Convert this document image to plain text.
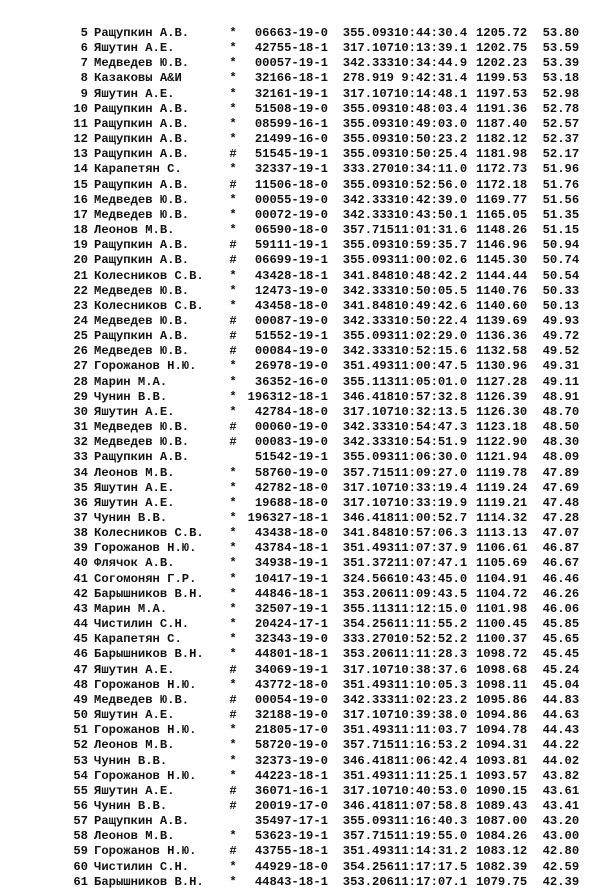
5	Ращупкин А.В.	*	06663-19-0	355.093	10:44:30.4	1205.72	53.80
6	Яшутин А.Е.	*	42755-18-1	317.107	10:13:39.1	1202.75	53.59
7	Медведев Ю.В.	*	00057-19-1	342.333	10:34:44.9	1202.23	53.39
8	Казаковы А&И	*	32166-18-1	278.919	9:42:31.4	1199.53	53.18
9	Яшутин А.Е.	*	32161-19-1	317.107	10:14:48.1	1197.53	52.98
10	Ращупкин А.В.	*	51508-19-0	355.093	10:48:03.4	1191.36	52.78
11	Ращупкин А.В.	*	08599-16-1	355.093	10:49:03.0	1187.40	52.57
12	Ращупкин А.В.	*	21499-16-0	355.093	10:50:23.2	1182.12	52.37
13	Ращупкин А.В.	#	51545-19-1	355.093	10:50:25.4	1181.98	52.17
14	Карапетян С.	*	32337-19-1	333.270	10:34:11.0	1172.73	51.96
15	Ращупкин А.В.	#	11506-18-0	355.093	10:52:56.0	1172.18	51.76
16	Медведев Ю.В.	*	00055-19-0	342.333	10:42:39.0	1169.77	51.56
17	Медведев Ю.В.	*	00072-19-0	342.333	10:43:50.1	1165.05	51.35
18	Леонов М.В.	*	06590-18-0	357.715	11:01:31.6	1148.26	51.15
19	Ращупкин А.В.	#	59111-19-1	355.093	10:59:35.7	1146.96	50.94
20	Ращупкин А.В.	#	06699-19-1	355.093	11:00:02.6	1145.30	50.74
21	Колесников С.В.	*	43428-18-1	341.848	10:48:42.2	1144.44	50.54
22	Медведев Ю.В.	*	12473-19-0	342.333	10:50:05.5	1140.76	50.33
23	Колесников С.В.	*	43458-18-0	341.848	10:49:42.6	1140.60	50.13
24	Медведев Ю.В.	#	00087-19-0	342.333	10:50:22.4	1139.69	49.93
25	Ращупкин А.В.	#	51552-19-1	355.093	11:02:29.0	1136.36	49.72
26	Медведев Ю.В.	#	00084-19-0	342.333	10:52:15.6	1132.58	49.52
27	Горожанов Н.Ю.	*	26978-19-0	351.493	11:00:47.5	1130.96	49.31
28	Марин М.А.	*	36352-16-0	355.113	11:05:01.0	1127.28	49.11
29	Чунин В.В.	*	196312-18-1	346.418	10:57:32.8	1126.39	48.91
30	Яшутин А.Е.	*	42784-18-0	317.107	10:32:13.5	1126.30	48.70
31	Медведев Ю.В.	#	00060-19-0	342.333	10:54:47.3	1123.18	48.50
32	Медведев Ю.В.	#	00083-19-0	342.333	10:54:51.9	1122.90	48.30
33	Ращупкин А.В.		51542-19-1	355.093	11:06:30.0	1121.94	48.09
34	Леонов М.В.	*	58760-19-0	357.715	11:09:27.0	1119.78	47.89
35	Яшутин А.Е.	*	42782-18-0	317.107	10:33:19.4	1119.24	47.69
36	Яшутин А.Е.	*	19688-18-0	317.107	10:33:19.9	1119.21	47.48
37	Чунин В.В.	*	196327-18-1	346.418	11:00:52.7	1114.32	47.28
38	Колесников С.В.	*	43438-18-0	341.848	10:57:06.3	1113.13	47.07
39	Горожанов Н.Ю.	*	43784-18-1	351.493	11:07:37.9	1106.61	46.87
40	Флячок А.В.	*	34938-19-1	351.372	11:07:47.1	1105.69	46.67
41	Согомонян Г.Р.	*	10417-19-1	324.566	10:43:45.0	1104.91	46.46
42	Барышников В.Н.	*	44846-18-1	353.206	11:09:43.5	1104.72	46.26
43	Марин М.А.	*	32507-19-1	355.113	11:12:15.0	1101.98	46.06
44	Чистилин С.Н.	*	20424-17-1	354.256	11:11:55.2	1100.45	45.85
45	Карапетян С.	*	32343-19-0	333.270	10:52:52.2	1100.37	45.65
46	Барышников В.Н.	*	44801-18-1	353.206	11:11:28.3	1098.72	45.45
47	Яшутин А.Е.	#	34069-19-1	317.107	10:38:37.6	1098.68	45.24
48	Горожанов Н.Ю.	*	43772-18-0	351.493	11:10:05.3	1098.11	45.04
49	Медведев Ю.В.	#	00054-19-0	342.333	11:02:23.2	1095.86	44.83
50	Яшутин А.Е.	#	32188-19-0	317.107	10:39:38.0	1094.86	44.63
51	Горожанов Н.Ю.	*	21805-17-0	351.493	11:11:03.7	1094.78	44.43
52	Леонов М.В.	*	58720-19-0	357.715	11:16:53.2	1094.31	44.22
53	Чунин В.В.	*	32373-19-0	346.418	11:06:42.4	1093.81	44.02
54	Горожанов Н.Ю.	*	44223-18-1	351.493	11:11:25.1	1093.57	43.82
55	Яшутин А.Е.	#	36071-16-1	317.107	10:40:53.0	1090.15	43.61
56	Чунин В.В.	#	20019-17-0	346.418	11:07:58.8	1089.43	43.41
57	Ращупкин А.В.		35497-17-1	355.093	11:16:40.3	1087.00	43.20
58	Леонов М.В.	*	53623-19-1	357.715	11:19:55.0	1084.26	43.00
59	Горожанов Н.Ю.	#	43755-18-1	351.493	11:14:31.2	1083.12	42.80
60	Чистилин С.Н.	*	44929-18-0	354.256	11:17:17.5	1082.39	42.59
61	Барышников В.Н.	*	44843-18-1	353.206	11:17:07.1	1079.75	42.39
